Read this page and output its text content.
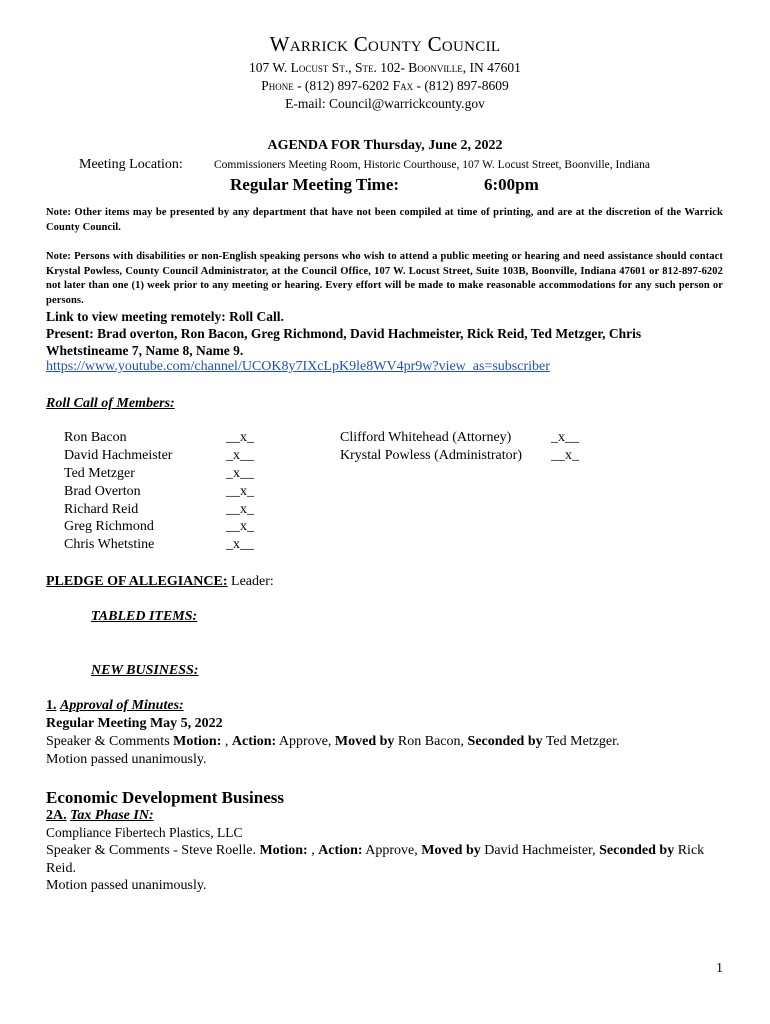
Warrick County Council
107 W. Locust St., Ste. 102- Boonville, IN 47601
Phone - (812) 897-6202 Fax - (812) 897-8609
E-mail: Council@warrickcounty.gov
AGENDA FOR Thursday, June 2, 2022
Meeting Location:	Commissioners Meeting Room, Historic Courthouse, 107 W. Locust Street, Boonville, Indiana
Regular Meeting Time:	6:00pm
Note: Other items may be presented by any department that have not been compiled at time of printing, and are at the discretion of the Warrick County Council.
Note: Persons with disabilities or non-English speaking persons who wish to attend a public meeting or hearing and need assistance should contact Krystal Powless, County Council Administrator, at the Council Office, 107 W. Locust Street, Suite 103B, Boonville, Indiana 47601 or 812-897-6202 not later than one (1) week prior to any meeting or hearing. Every effort will be made to make reasonable accommodations for any such person or persons.
Link to view meeting remotely: Roll Call.
Present: Brad overton, Ron Bacon, Greg Richmond, David Hachmeister, Rick Reid, Ted Metzger, Chris Whetstineame 7, Name 8, Name 9.
https://www.youtube.com/channel/UCOK8y7IXcLpK9le8WV4pr9w?view_as=subscriber
Roll Call of Members:
Ron Bacon	__x_
David Hachmeister	_x__
Ted Metzger	_x__
Brad Overton	__x_
Richard Reid	__x_
Greg Richmond	__x_
Chris Whetstine	_x__
Clifford Whitehead (Attorney)	_x__
Krystal Powless (Administrator) __x_
PLEDGE OF ALLEGIANCE: Leader:
TABLED ITEMS:
NEW BUSINESS:
1. Approval of Minutes:
Regular Meeting May 5, 2022
Speaker & Comments Motion: , Action: Approve, Moved by Ron Bacon, Seconded by Ted Metzger.
Motion passed unanimously.
Economic Development Business
2A. Tax Phase IN:
Compliance Fibertech Plastics, LLC
Speaker & Comments - Steve Roelle. Motion: , Action: Approve, Moved by David Hachmeister, Seconded by Rick Reid.
Motion passed unanimously.
1
